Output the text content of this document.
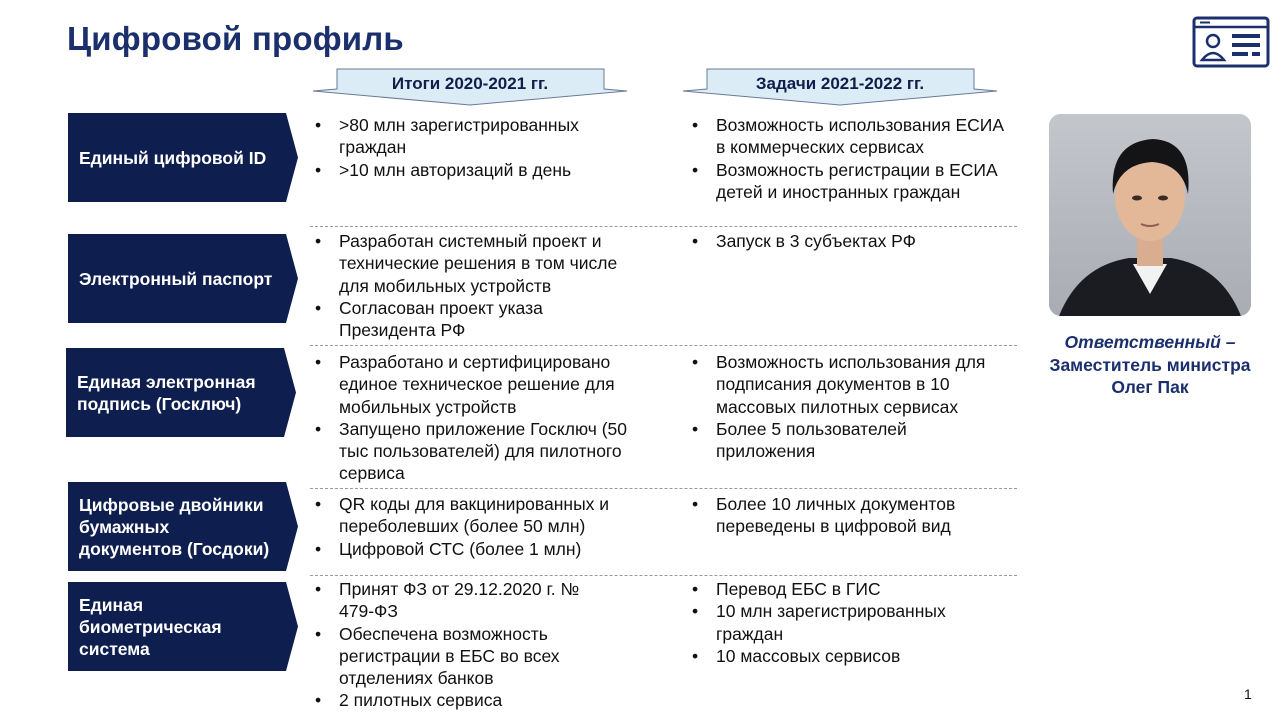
Цифровой профиль
Итоги 2020-2021 гг.	Задачи 2021-2022 гг.
Единый цифровой ID
Электронный паспорт
Единая электронная
подпись (Госключ)
Цифровые двойники
бумажных
документов (Госдоки)
Единая
биометрическая
система
• >80 млн зарегистрированных граждан
• >10 млн авторизаций в день
• Разработан системный проект и технические решения в том числе для мобильных устройств
• Согласован проект указа Президента РФ
• Разработано и сертифицировано единое техническое решение для мобильных устройств
• Запущено приложение Госключ (50 тыс пользователей) для пилотного сервиса
• QR коды для вакцинированных и переболевших (более 50 млн)
• Цифровой СТС (более 1 млн)
• Принят ФЗ от 29.12.2020 г. № 479-ФЗ
• Обеспечена возможность регистрации в ЕБС во всех отделениях банков
• 2 пилотных сервиса
• Возможность использования ЕСИА в коммерческих сервисах
• Возможность регистрации в ЕСИА детей и иностранных граждан
• Запуск в 3 субъектах РФ
• Возможность использования для подписания документов в 10 массовых пилотных сервисах
• Более 5 пользователей приложения
• Более 10 личных документов переведены в цифровой вид
• Перевод ЕБС в ГИС
• 10 млн зарегистрированных граждан
• 10 массовых сервисов
Ответственный –
Заместитель министра
Олег Пак
1
